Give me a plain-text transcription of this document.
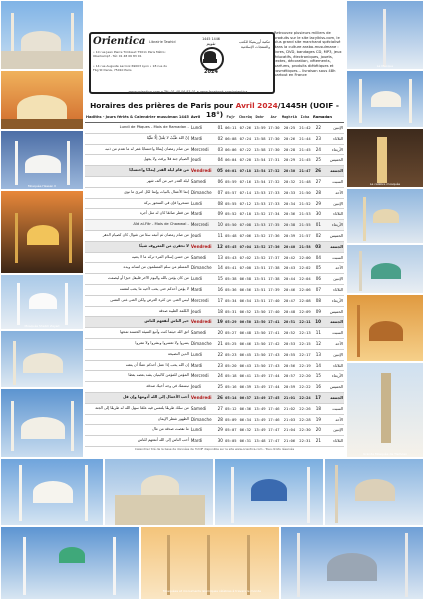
Mosquée Hassan II
Mosquée Sheikh Zayed
La Mecque
La célèbre mosquée
Grande Mosquée de Tlemcen
Mosquées et monuments islamiques célèbres à travers le monde
Orientica Librairie Tawhid
• 10 rue Jean Pierre Timbaud 75011 Paris Métro: Oberkampf - Tél: 01 48 06 83 01
• 14 rue Auguste Lacroix 69003 Lyon • 18 rue du Fbg St Denis, 75010 Paris
1445 1446
تقويم
2024
مكتبة أورينتيكا للكتب والمنتجات الإسلامية
www.orientica.com • Tél: 01 48 06 83 01 • www.facebook.com/orientica
Retrouvez plusieurs milliers de produits sur le site lacylkiss.com, le plus grand site marchand spécialisé dans la culture arabo-musulmane : livres, DVD, bandages CD, MP3, jeux éducatifs, électroniques, jouets, textes, décoration, vêtements, parfums, produits diététiques et cosmétiques... livraison sous 48h partout en France
Horaires des prières de Paris pour Avril 2024/1445H (UOIF - 18°)
Hadiths - Jours fériés & Calendrier musulman 1445	Avril		Fajr	Chorûq	Dohr	Asr	Maghrib	Icha	Ramadan	
- Lundi de Pâques - Mois de Ramadan	Lundi	01	06:11	07:26	13:59	17:30	20:25	21:42	22	الإثنين
إنَّ اللهَ طَيِّبٌ لا يَقْبَلُ إلَّا طَيِّبًا	Mardi	02	06:08	07:24	13:58	17:30	20:26	21:44	23	الثلاثاء
من صام رمضان إيمانًا واحتسابًا غفر له ما تقدم من ذنبه	Mercredi	03	06:06	07:22	13:58	17:30	20:28	21:45	24	الأربعاء
الصيام جنة فلا يرفث ولا يجهل	Jeudi	04	06:04	07:20	13:54	17:31	20:29	21:45	25	الخميس
من قام ليلة القدر إيمانًا واحتسابًا	Vendredi	05	06:01	07:18	13:54	17:32	20:30	21:47	26	الجمعة
ليلة القدر خير من ألف شهر	Samedi	06	05:59	07:16	13:54	17:32	20:32	21:48	27	السبت
إنما الأعمال بالنيات وإنما لكل امرئ ما نوى	Dimanche	07	05:57	07:14	13:53	17:33	20:33	21:50	28	الأحد
تسحروا فإن في السحور بركة	Lundi	08	05:55	07:12	13:53	17:33	20:34	21:52	29	الإثنين
من فطر صائمًا كان له مثل أجره	Mardi	09	05:52	07:10	13:52	17:34	20:36	21:53	30	الثلاثاء
- Aïd al-Fitr - Mois de Chawwal	Mercredi	10	05:50	07:08	13:53	17:35	20:38	21:55	01	الأربعاء
من صام رمضان ثم أتبعه ستًا من شوال كان كصيام الدهر	Jeudi	11	05:48	07:06	13:52	17:36	20:39	21:57	02	الخميس
لا تحقرن من المعروف شيئًا	Vendredi	12	05:45	07:04	13:52	17:36	20:40	21:58	03	الجمعة
من حسن إسلام المرء تركه ما لا يعنيه	Samedi	13	05:43	07:02	13:52	17:37	20:42	22:00	04	السبت
المسلم من سلم المسلمون من لسانه ويده	Dimanche	14	05:41	07:00	13:51	17:38	20:43	22:02	05	الأحد
من كان يؤمن بالله واليوم الآخر فليقل خيرًا أو ليصمت	Lundi	15	05:38	06:58	13:51	17:38	20:44	22:04	06	الإثنين
لا يؤمن أحدكم حتى يحب لأخيه ما يحب لنفسه	Mardi	16	05:36	06:56	13:51	17:39	20:46	22:06	07	الثلاثاء
ليس الغنى عن كثرة العرض ولكن الغنى غنى النفس	Mercredi	17	05:34	06:54	13:51	17:40	20:47	22:08	08	الأربعاء
الكلمة الطيبة صدقة	Jeudi	18	05:31	06:52	13:50	17:40	20:48	22:09	09	الخميس
خير الناس أنفعهم للناس	Vendredi	19	05:29	06:50	13:50	17:41	20:51	22:11	10	الجمعة
اتق الله حيثما كنت وأتبع السيئة الحسنة تمحها	Samedi	20	05:27	06:48	13:50	17:41	20:52	22:13	11	السبت
يسروا ولا تعسروا وبشروا ولا تنفروا	Dimanche	21	05:25	06:46	13:50	17:42	20:53	22:15	12	الأحد
الدين النصيحة	Lundi	22	05:23	06:45	13:50	17:43	20:55	22:17	13	الإثنين
إن الله يحب إذا عمل أحدكم عملًا أن يتقنه	Mardi	23	05:20	06:43	13:50	17:43	20:56	22:19	14	الثلاثاء
المؤمن للمؤمن كالبنيان يشد بعضه بعضًا	Mercredi	24	05:18	06:41	13:49	17:44	20:57	22:20	15	الأربعاء
تبسمك في وجه أخيك صدقة	Jeudi	25	05:16	06:39	13:49	17:44	20:59	22:22	16	الخميس
أحب الأعمال إلى الله أدومها وإن قل	Vendredi	26	05:14	06:37	13:49	17:45	21:01	22:24	17	الجمعة
من سلك طريقًا يلتمس فيه علمًا سهل الله له طريقًا إلى الجنة	Samedi	27	05:12	06:36	13:49	17:46	21:02	22:26	18	السبت
الطهور شطر الإيمان	Dimanche	28	05:09	06:34	13:49	17:46	21:03	22:28	19	الأحد
ما نقصت صدقة من مال	Lundi	29	05:07	06:32	13:49	17:47	21:04	22:30	20	الإثنين
أحب الناس إلى الله أنفعهم للناس	Mardi	30	05:05	06:31	13:48	17:47	21:06	22:31	21	الثلاثاء
Calendrier tiré de la base de données de l'UOIF disponible sur le site www.orientica.com - Tous droits réservés
